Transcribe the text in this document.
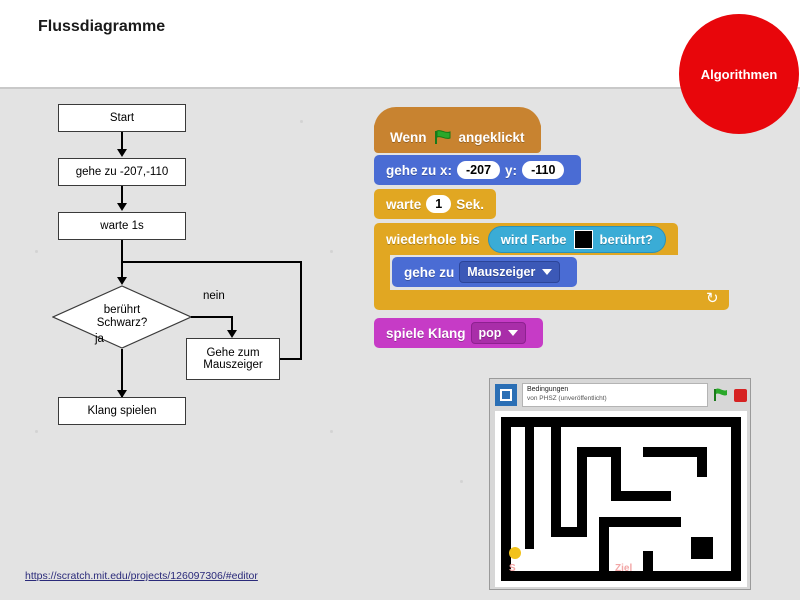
Flussdiagramme
Algorithmen
Start
gehe zu -207,-110
warte 1s
berührt
Schwarz?
nein
Gehe zum
Mauszeiger
ja
Klang spielen
Wenn angeklickt
gehe zu x:	-207	y:	-110
warte	1	Sek.
wiederhole bis wird Farbe	berührt?
↻
gehe zu Mauszeiger
spiele Klang pop
Bedingungen
von PHSZ (unveröffentlicht)
S	Ziel
https://scratch.mit.edu/projects/126097306/#editor
